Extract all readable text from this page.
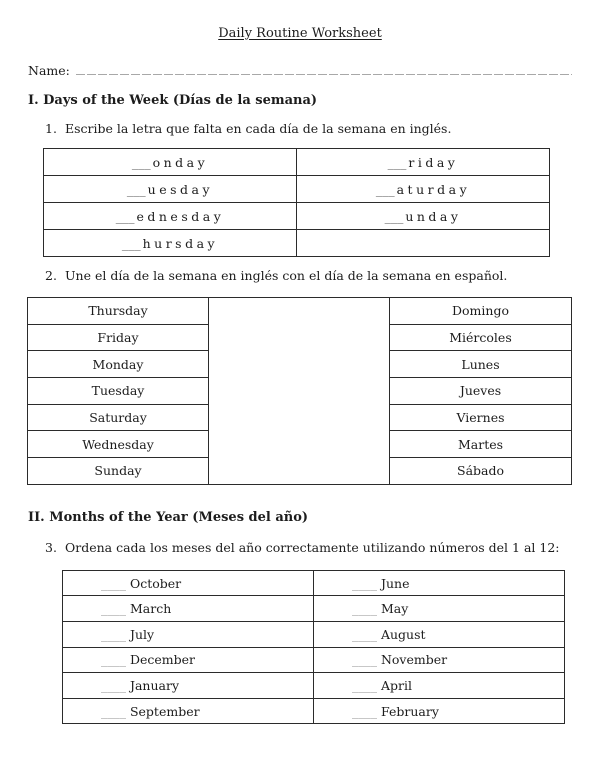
Daily Routine Worksheet
Name:
I. Days of the Week (Días de la semana)
1. Escribe la letra que falta en cada día de la semana en inglés.
___ onday	___ riday
___ uesday	___ aturday
___ ednesday	___ unday
___ hursday	
2. Une el día de la semana en inglés con el día de la semana en español.
Thursday		Domingo
Friday		Miércoles
Monday		Lunes
Tuesday		Jueves
Saturday		Viernes
Wednesday		Martes
Sunday		Sábado
II. Months of the Year (Meses del año)
3. Ordena cada los meses del año correctamente utilizando números del 1 al 12:
____ October	____ June
____ March	____ May
____ July	____ August
____ December	____ November
____ January	____ April
____ September	____ February
